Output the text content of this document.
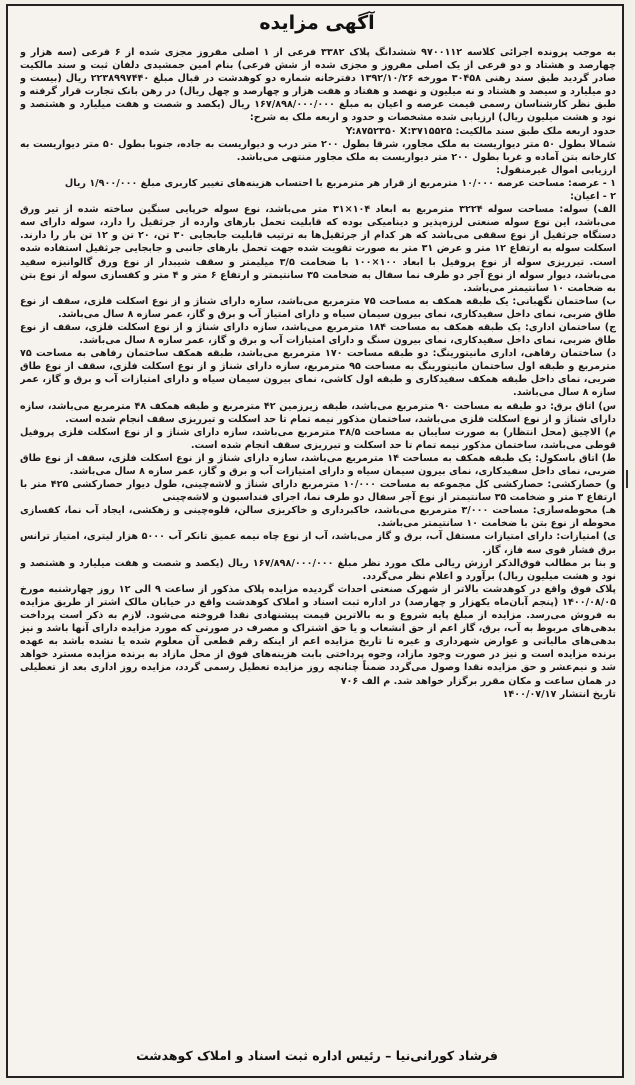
آگهی مزایده

به موجب پرونده اجرائی کلاسه ۹۷۰۰۱۱۲ ششدانگ پلاک ۳۳۸۲ فرعی از ۱ اصلی مفروز مجزی شده از ۶ فرعی (سه هزار و چهارصد و هشتاد و دو فرعی از یک اصلی مفروز و مجزی شده از شش فرعی) بنام امین جمشیدی دلفان ثبت و سند مالکیت صادر گردید طبق سند رهنی ۳۰۴۵۸ مورخه ۱۳۹۲/۱۰/۲۶ دفترخانه شماره دو کوهدشت در قبال مبلغ ۲۲۳۸۹۹۷۴۴۰ ریال (بیست و دو میلیارد و سیصد و هشتاد و نه میلیون و نهصد و هفتاد و هفت هزار و چهارصد و چهل ریال) در رهن بانک تجارت قرار گرفته و طبق نظر کارشناسان رسمی قیمت عرصه و اعیان به مبلغ ۱۶۷/۸۹۸/۰۰۰/۰۰۰ ریال (یکصد و شصت و هفت میلیارد و هشتصد و نود و هشت میلیون ریال) ارزیابی شده مشخصات و حدود و اربعه ملک به شرح:

حدود اربعه ملک طبق سند مالکیت: Y:۸۷۵۲۳۵۰ X:۳۷۱۵۵۲۵

شمالا بطول ۵۰ متر دیواریست به ملک مجاور، شرقا بطول ۲۰۰ متر درب و دیواریست به جاده، جنوبا بطول ۵۰ متر دیواریست به کارخانه بتن آماده و غربا بطول ۲۰۰ متر دیواریست به ملک مجاور منتهی می‌باشد.

ارزیابی اموال غیرمنقول:

۱ - عرصه: مساحت عرصه ۱۰/۰۰۰ مترمربع از قرار هر مترمربع با احتساب هزینه‌های تغییر کاربری مبلغ ۱/۹۰۰/۰۰۰ ریال

۲ - اعیان:

الف) سوله: مساحت سوله ۳۲۲۴ مترمربع به ابعاد ۱۰۴×۳۱ متر می‌باشد، نوع سوله خرپایی سنگین ساخته شده از تیر ورق می‌باشد، این نوع سوله صنعتی لرزه‌پذیر و دینامیکی بوده که قابلیت تحمل بارهای وارده از جرثقیل را دارد، سوله دارای سه دستگاه جرثقیل از نوع سقفی می‌باشد که هر کدام از جرثقیل‌ها به ترتیب قابلیت جابجایی ۳۰ تن، ۲۰ تن و ۱۲ تن بار را دارند. اسکلت سوله به ارتفاع ۱۲ متر و عرض ۳۱ متر به صورت تقویت شده جهت تحمل بارهای جانبی و جابجایی جرثقیل استفاده شده است. تیرریزی سوله از نوع پروفیل با ابعاد ۱۰۰×۱۰۰ با ضخامت ۳/۵ میلیمتر و سقف شیبدار از نوع ورق گالوانیزه سفید می‌باشد، دیوار سوله از نوع آجر دو طرف نما سفال به ضخامت ۳۵ سانتیمتر و ارتفاع ۶ متر و ۴ متر و کفسازی سوله از نوع بتن به ضخامت ۱۰ سانتیمتر می‌باشد.

ب) ساختمان نگهبانی: یک طبقه همکف به مساحت ۷۵ مترمربع می‌باشد، سازه دارای شناژ و از نوع اسکلت فلزی، سقف از نوع طاق ضربی، نمای داخل سفیدکاری، نمای بیرون سیمان سیاه و دارای امتیاز آب و برق و گاز، عمر سازه ۸ سال می‌باشد.

ج) ساختمان اداری: یک طبقه همکف به مساحت ۱۸۴ مترمربع می‌باشد، سازه دارای شناژ و از نوع اسکلت فلزی، سقف از نوع طاق ضربی، نمای داخل سفیدکاری، نمای بیرون سنگ و دارای امتیازات آب و برق و گاز، عمر سازه ۸ سال می‌باشد.

د) ساختمان رفاهی، اداری مانیتورینگ: دو طبقه مساحت ۱۷۰ مترمربع می‌باشد، طبقه همکف ساختمان رفاهی به مساحت ۷۵ مترمربع و طبقه اول ساختمان مانیتورینگ به مساحت ۹۵ مترمربع، سازه دارای شناژ و از نوع اسکلت فلزی، سقف از نوع طاق ضربی، نمای داخل طبقه همکف سفیدکاری و طبقه اول کاشی، نمای بیرون سیمان سیاه و دارای امتیازات آب و برق و گاز، عمر سازه ۸ سال می‌باشد.

س) اتاق برق: دو طبقه به مساحت ۹۰ مترمربع می‌باشد، طبقه زیرزمین ۴۲ مترمربع و طبقه همکف ۴۸ مترمربع می‌باشد، سازه دارای شناژ و از نوع اسکلت فلزی می‌باشد، ساختمان مذکور نیمه تمام تا حد اسکلت و تیرریزی سقف انجام شده است.

م) الاچیق (محل انتظار) به صورت سایبان به مساحت ۳۸/۵ مترمربع می‌باشد، سازه دارای شناژ و از نوع اسکلت فلزی پروفیل قوطی می‌باشد، ساختمان مذکور نیمه تمام تا حد اسکلت و تیرریزی سقف انجام شده است.

ط) اتاق باسکول: یک طبقه همکف به مساحت ۱۴ مترمربع می‌باشد، سازه دارای شناژ و از نوع اسکلت فلزی، سقف از نوع طاق ضربی، نمای داخل سفیدکاری، نمای بیرون سیمان سیاه و دارای امتیازات آب و برق و گاز، عمر سازه ۸ سال می‌باشد.

و) حصارکشی: حصارکشی کل مجموعه به مساحت ۱۰/۰۰۰ مترمربع دارای شناژ و لاشه‌چینی، طول دیوار حصارکشی ۴۲۵ متر با ارتفاع ۳ متر و ضخامت ۳۵ سانتیمتر از نوع آجر سفال دو طرف نما، اجرای فنداسیون و لاشه‌چینی

هـ) محوطه‌سازی: مساحت ۳/۰۰۰ مترمربع می‌باشد، خاکبرداری و خاکریزی سالن، قلوه‌چینی و زهکشی، ایجاد آب نما، کفسازی محوطه از نوع بتن با ضخامت ۱۰ سانتیمتر می‌باشد.

ی) امتیازات: دارای امتیازات مستقل آب، برق و گاز می‌باشد، آب از نوع چاه نیمه عمیق تانکر آب ۵۰۰۰ هزار لیتری، امتیاز ترانس برق فشار قوی سه فاز، گاز.

و بنا بر مطالب فوق‌الذکر ارزش ریالی ملک مورد نظر مبلغ ۱۶۷/۸۹۸/۰۰۰/۰۰۰ ریال (یکصد و شصت و هفت میلیارد و هشتصد و نود و هشت میلیون ریال) برآورد و اعلام نظر می‌گردد.

پلاک فوق واقع در کوهدشت بالاتر از شهرک صنعتی احداث گردیده مزایده پلاک مذکور از ساعت ۹ الی ۱۲ روز چهارشنبه مورخ ۱۴۰۰/۰۸/۰۵ (پنجم آبان‌ماه یکهزار و چهارصد) در اداره ثبت اسناد و املاک کوهدشت واقع در خیابان مالک اشتر از طریق مزایده به فروش می‌رسد. مزایده از مبلغ پایه شروع و به بالاترین قیمت پیشنهادی نقدا فروخته می‌شود. لازم به ذکر است پرداخت بدهی‌های مربوط به آب، برق، گاز اعم از حق انشعاب و یا حق اشتراک و مصرف در صورتی که مورد مزایده دارای آنها باشد و نیز بدهی‌های مالیاتی و عوارض شهرداری و غیره تا تاریخ مزایده اعم از اینکه رقم قطعی آن معلوم شده یا نشده باشد به عهده برنده مزایده است و نیز در صورت وجود مازاد، وجوه پرداختی بابت هزینه‌های فوق از محل مازاد به برنده مزایده مسترد خواهد شد و نیم‌عشر و حق مزایده نقدا وصول می‌گردد ضمناً چنانچه روز مزایده تعطیل رسمی گردد، مزایده روز اداری بعد از تعطیلی در همان ساعت و مکان مقرر برگزار خواهد شد. م الف ۷۰۶

تاریخ انتشار ۱۴۰۰/۰۷/۱۷

فرشاد کورانی‌نیا – رئیس اداره ثبت اسناد و املاک کوهدشت
